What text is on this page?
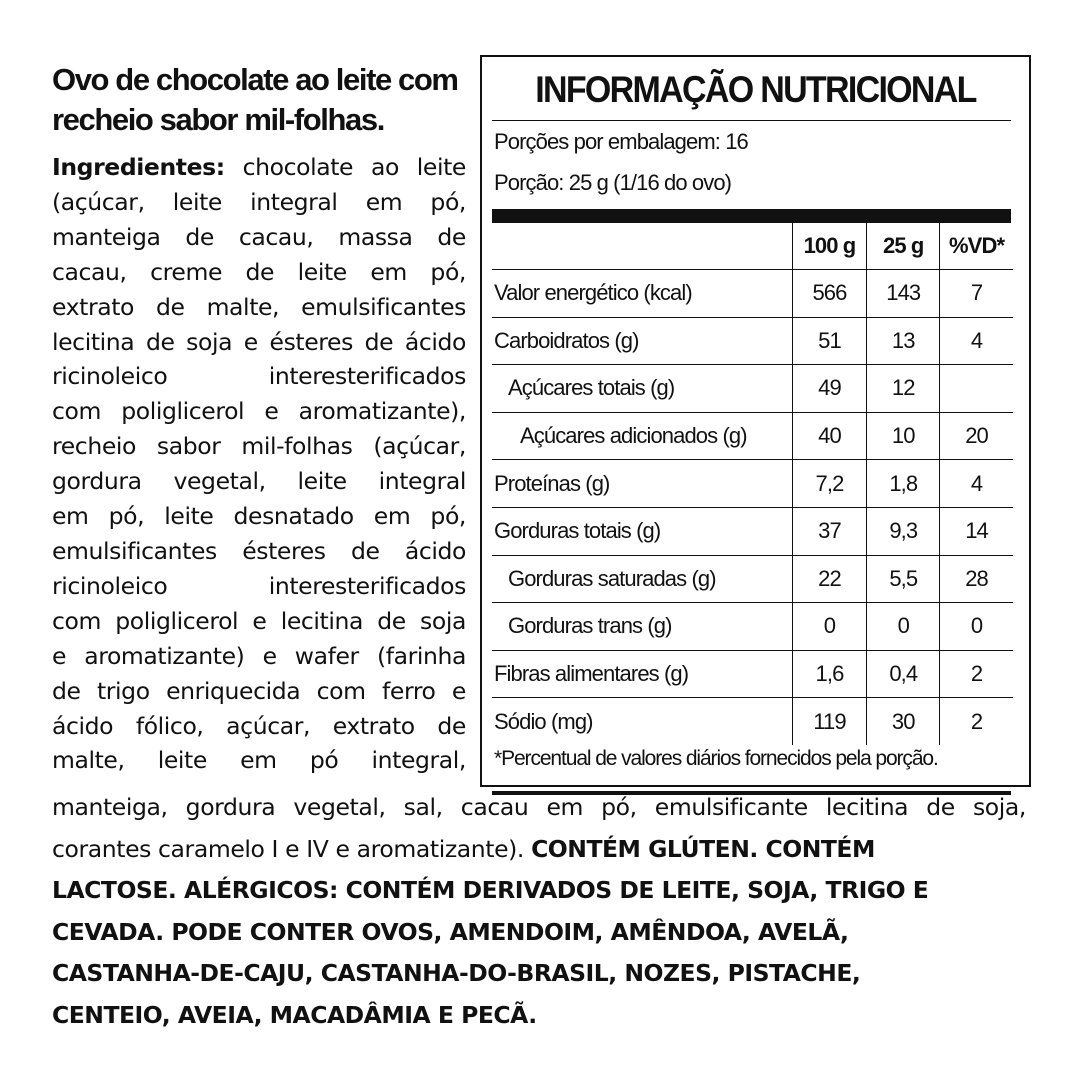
Ovo de chocolate ao leite com
recheio sabor mil-folhas.

Ingredientes: chocolate ao leite
(açúcar, leite integral em pó,
manteiga de cacau, massa de
cacau, creme de leite em pó,
extrato de malte, emulsificantes
lecitina de soja e ésteres de ácido
ricinoleico interesterificados
com poliglicerol e aromatizante),
recheio sabor mil-folhas (açúcar,
gordura vegetal, leite integral
em pó, leite desnatado em pó,
emulsificantes ésteres de ácido
ricinoleico interesterificados
com poliglicerol e lecitina de soja
e aromatizante) e wafer (farinha
de trigo enriquecida com ferro e
ácido fólico, açúcar, extrato de
malte, leite em pó integral,

INFORMAÇÃO NUTRICIONAL
Porções por embalagem: 16
Porção: 25 g (1/16 do ovo)
	100 g	25 g	%VD*
Valor energético (kcal)	566	143	7
Carboidratos (g)	51	13	4
Açúcares totais (g)	49	12	
Açúcares adicionados (g)	40	10	20
Proteínas (g)	7,2	1,8	4
Gorduras totais (g)	37	9,3	14
Gorduras saturadas (g)	22	5,5	28
Gorduras trans (g)	0	0	0
Fibras alimentares (g)	1,6	0,4	2
Sódio (mg)	119	30	2
*Percentual de valores diários fornecidos pela porção.
manteiga, gordura vegetal, sal, cacau em pó, emulsificante lecitina de soja,
corantes caramelo I e IV e aromatizante). CONTÉM GLÚTEN. CONTÉM
LACTOSE. ALÉRGICOS: CONTÉM DERIVADOS DE LEITE, SOJA, TRIGO E
CEVADA. PODE CONTER OVOS, AMENDOIM, AMÊNDOA, AVELÃ,
CASTANHA-DE-CAJU, CASTANHA-DO-BRASIL, NOZES, PISTACHE,
CENTEIO, AVEIA, MACADÂMIA E PECÃ.
